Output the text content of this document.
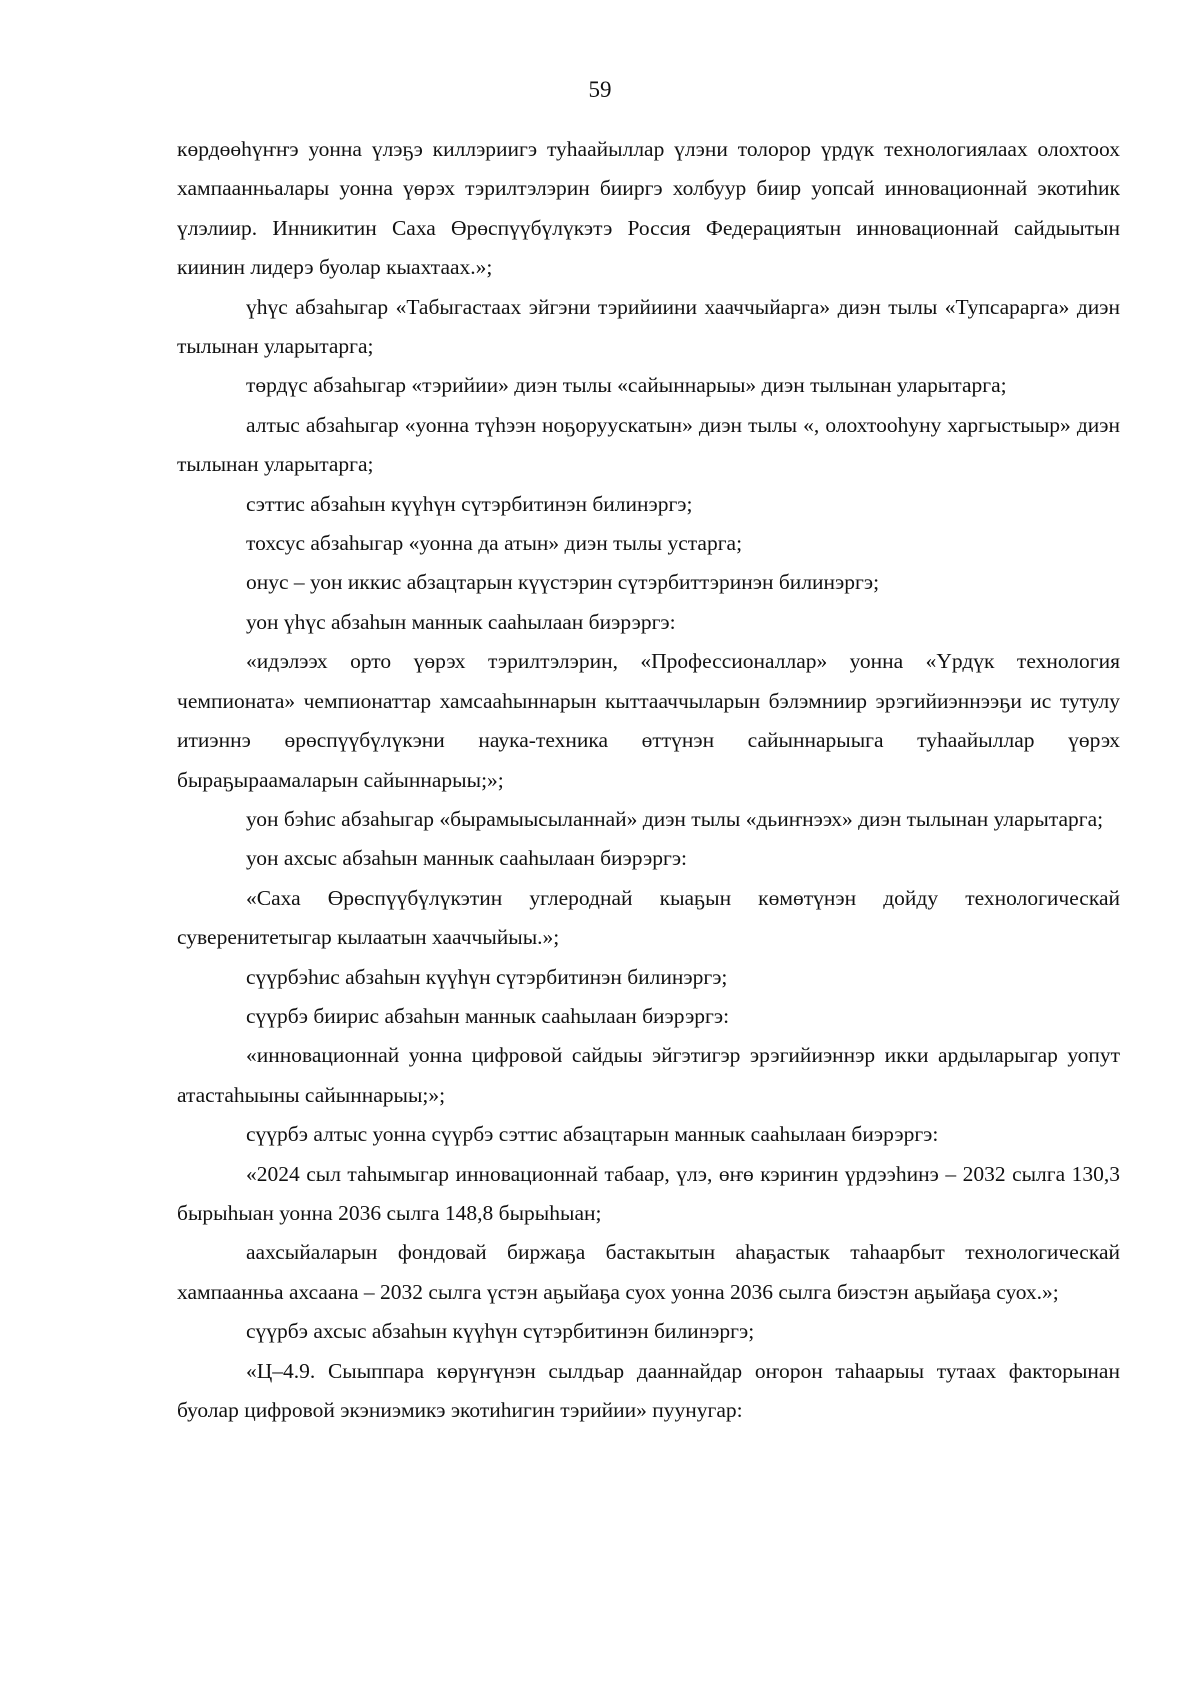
59

көрдөөһүҥҥэ уонна үлэҕэ киллэриигэ туһаайыллар үлэни толорор үрдүк технологиялаах олохтоох хампаанньалары уонна үөрэх тэрилтэлэрин бииргэ холбуур биир уопсай инновационнай экотиһик үлэлиир. Инникитин Саха Өрөспүүбүлүкэтэ Россия Федерациятын инновационнай сайдыытын киинин лидерэ буолар кыахтаах.»;

үһүс абзаһыгар «Табыгастаах эйгэни тэрийиини хааччыйарга» диэн тылы «Тупсарарга» диэн тылынан уларытарга;

төрдүс абзаһыгар «тэрийии» диэн тылы «сайыннарыы» диэн тылынан уларытарга;

алтыс абзаһыгар «уонна түһээн ноҕоруускатын» диэн тылы «, олохтооһуну харгыстыыр» диэн тылынан уларытарга;

сэттис абзаһын күүһүн сүтэрбитинэн билинэргэ;

тохсус абзаһыгар «уонна да атын» диэн тылы устарга;

онус – уон иккис абзацтарын күүстэрин сүтэрбиттэринэн билинэргэ;

уон үһүс абзаһын маннык сааһылаан биэрэргэ:

«идэлээх орто үөрэх тэрилтэлэрин, «Профессионаллар» уонна «Үрдүк технология чемпионата» чемпионаттар хамсааһыннарын кыттааччыларын бэлэмниир эрэгийиэннээҕи ис тутулу итиэннэ өрөспүүбүлүкэни наука-техника өттүнэн сайыннарыыга туһаайыллар үөрэх быраҕыраамаларын сайыннарыы;»;

уон бэһис абзаһыгар «бырамыысыланнай» диэн тылы «дьиҥнээх» диэн тылынан уларытарга;

уон ахсыс абзаһын маннык сааһылаан биэрэргэ:

«Саха Өрөспүүбүлүкэтин углероднай кыаҕын көмөтүнэн дойду технологическай суверенитетыгар кылаатын хааччыйыы.»;

сүүрбэһис абзаһын күүһүн сүтэрбитинэн билинэргэ;

сүүрбэ биирис абзаһын маннык сааһылаан биэрэргэ:

«инновационнай уонна цифровой сайдыы эйгэтигэр эрэгийиэннэр икки ардыларыгар уопут атастаһыыны сайыннарыы;»;

сүүрбэ алтыс уонна сүүрбэ сэттис абзацтарын маннык сааһылаан биэрэргэ:

«2024 сыл таһымыгар инновационнай табаар, үлэ, өҥө кэриҥин үрдээһинэ – 2032 сылга 130,3 бырыһыан уонна 2036 сылга 148,8 бырыһыан;

аахсыйаларын фондовай биржаҕа бастакытын аһаҕастык таһаарбыт технологическай хампаанньа ахсаана – 2032 сылга үстэн аҕыйаҕа суох уонна 2036 сылга биэстэн аҕыйаҕа суох.»;

сүүрбэ ахсыс абзаһын күүһүн сүтэрбитинэн билинэргэ;

«Ц–4.9. Сыыппара көрүҥүнэн сылдьар дааннайдар оҥорон таһаарыы тутаах факторынан буолар цифровой экэниэмикэ экотиһигин тэрийии» пуунугар:
